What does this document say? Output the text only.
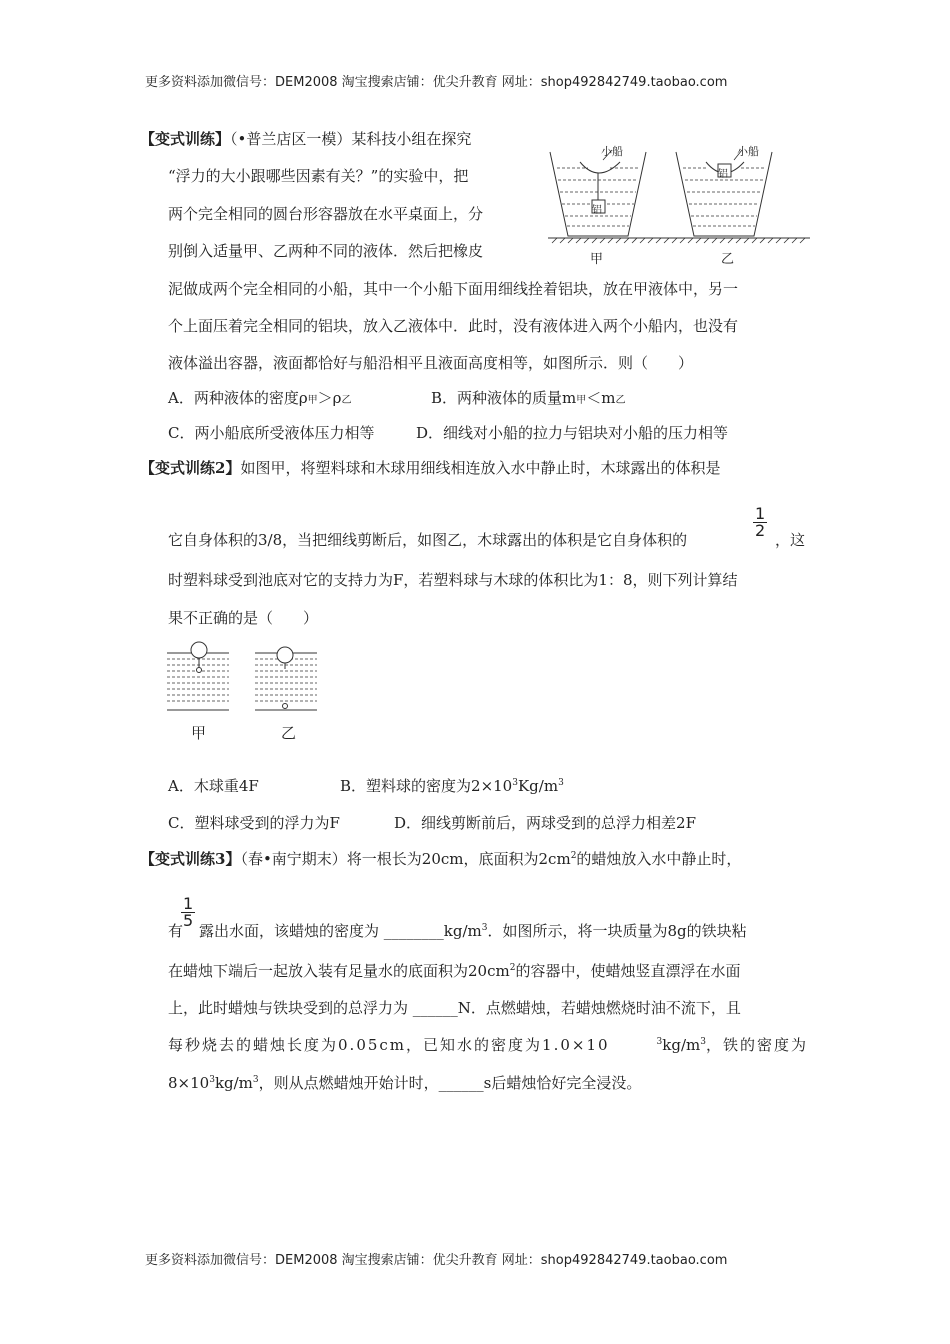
更多资料添加微信号：DEM2008 淘宝搜索店铺：优尖升教育 网址：shop492842749.taobao.com
【变式训练】（•普兰店区一模）某科技小组在探究
“浮力的大小跟哪些因素有关？”的实验中，把
两个完全相同的圆台形容器放在水平桌面上，分
别倒入适量甲、乙两种不同的液体．然后把橡皮
泥做成两个完全相同的小船，其中一个小船下面用细线拴着铝块，放在甲液体中，另一
个上面压着完全相同的铝块，放入乙液体中．此时，没有液体进入两个小船内，也没有
液体溢出容器，液面都恰好与船沿相平且液面高度相等，如图所示．则（　　）
A．两种液体的密度ρ甲＞ρ乙	B．两种液体的质量m甲＜m乙
C．两小船底所受液体压力相等	D．细线对小船的拉力与铝块对小船的压力相等
小船	小船
铝
铝
甲	乙
【变式训练2】如图甲，将塑料球和木球用细线相连放入水中静止时，木球露出的体积是
它自身体积的3/8，当把细线剪断后，如图乙，木球露出的体积是它自身体积的
$\frac{1}{2}$
，这
时塑料球受到池底对它的支持力为F，若塑料球与木球的体积比为1：8，则下列计算结
果不正确的是（　　）
甲	乙
A．木球重4F	B．塑料球的密度为$2\times 10^3Kg/m^3$
C．塑料球受到的浮力为F	D．细线剪断前后，两球受到的总浮力相差2F
【变式训练3】（春•南宁期末）将一根长为20cm，底面积为$2cm^2$的蜡烛放入水中静止时，
有
$\frac{1}{5}$
露出水面，该蜡烛的密度为 $\_\_\_\_\_\_\_\_kg/m^3$．如图所示，将一块质量为8g的铁块粘
在蜡烛下端后一起放入装有足量水的底面积为$20cm^2$的容器中，使蜡烛竖直漂浮在水面
上，此时蜡烛与铁块受到的总浮力为 ______N．点燃蜡烛，若蜡烛燃烧时油不流下，且
每秒烧去的蜡烛长度为0.05cm，已知水的密度为1.0×10	$^3kg/m^3$，铁的密度为
$8\times 10^3kg/m^3$，则从点燃蜡烛开始计时，______s后蜡烛恰好完全浸没。
更多资料添加微信号：DEM2008 淘宝搜索店铺：优尖升教育 网址：shop492842749.taobao.com
